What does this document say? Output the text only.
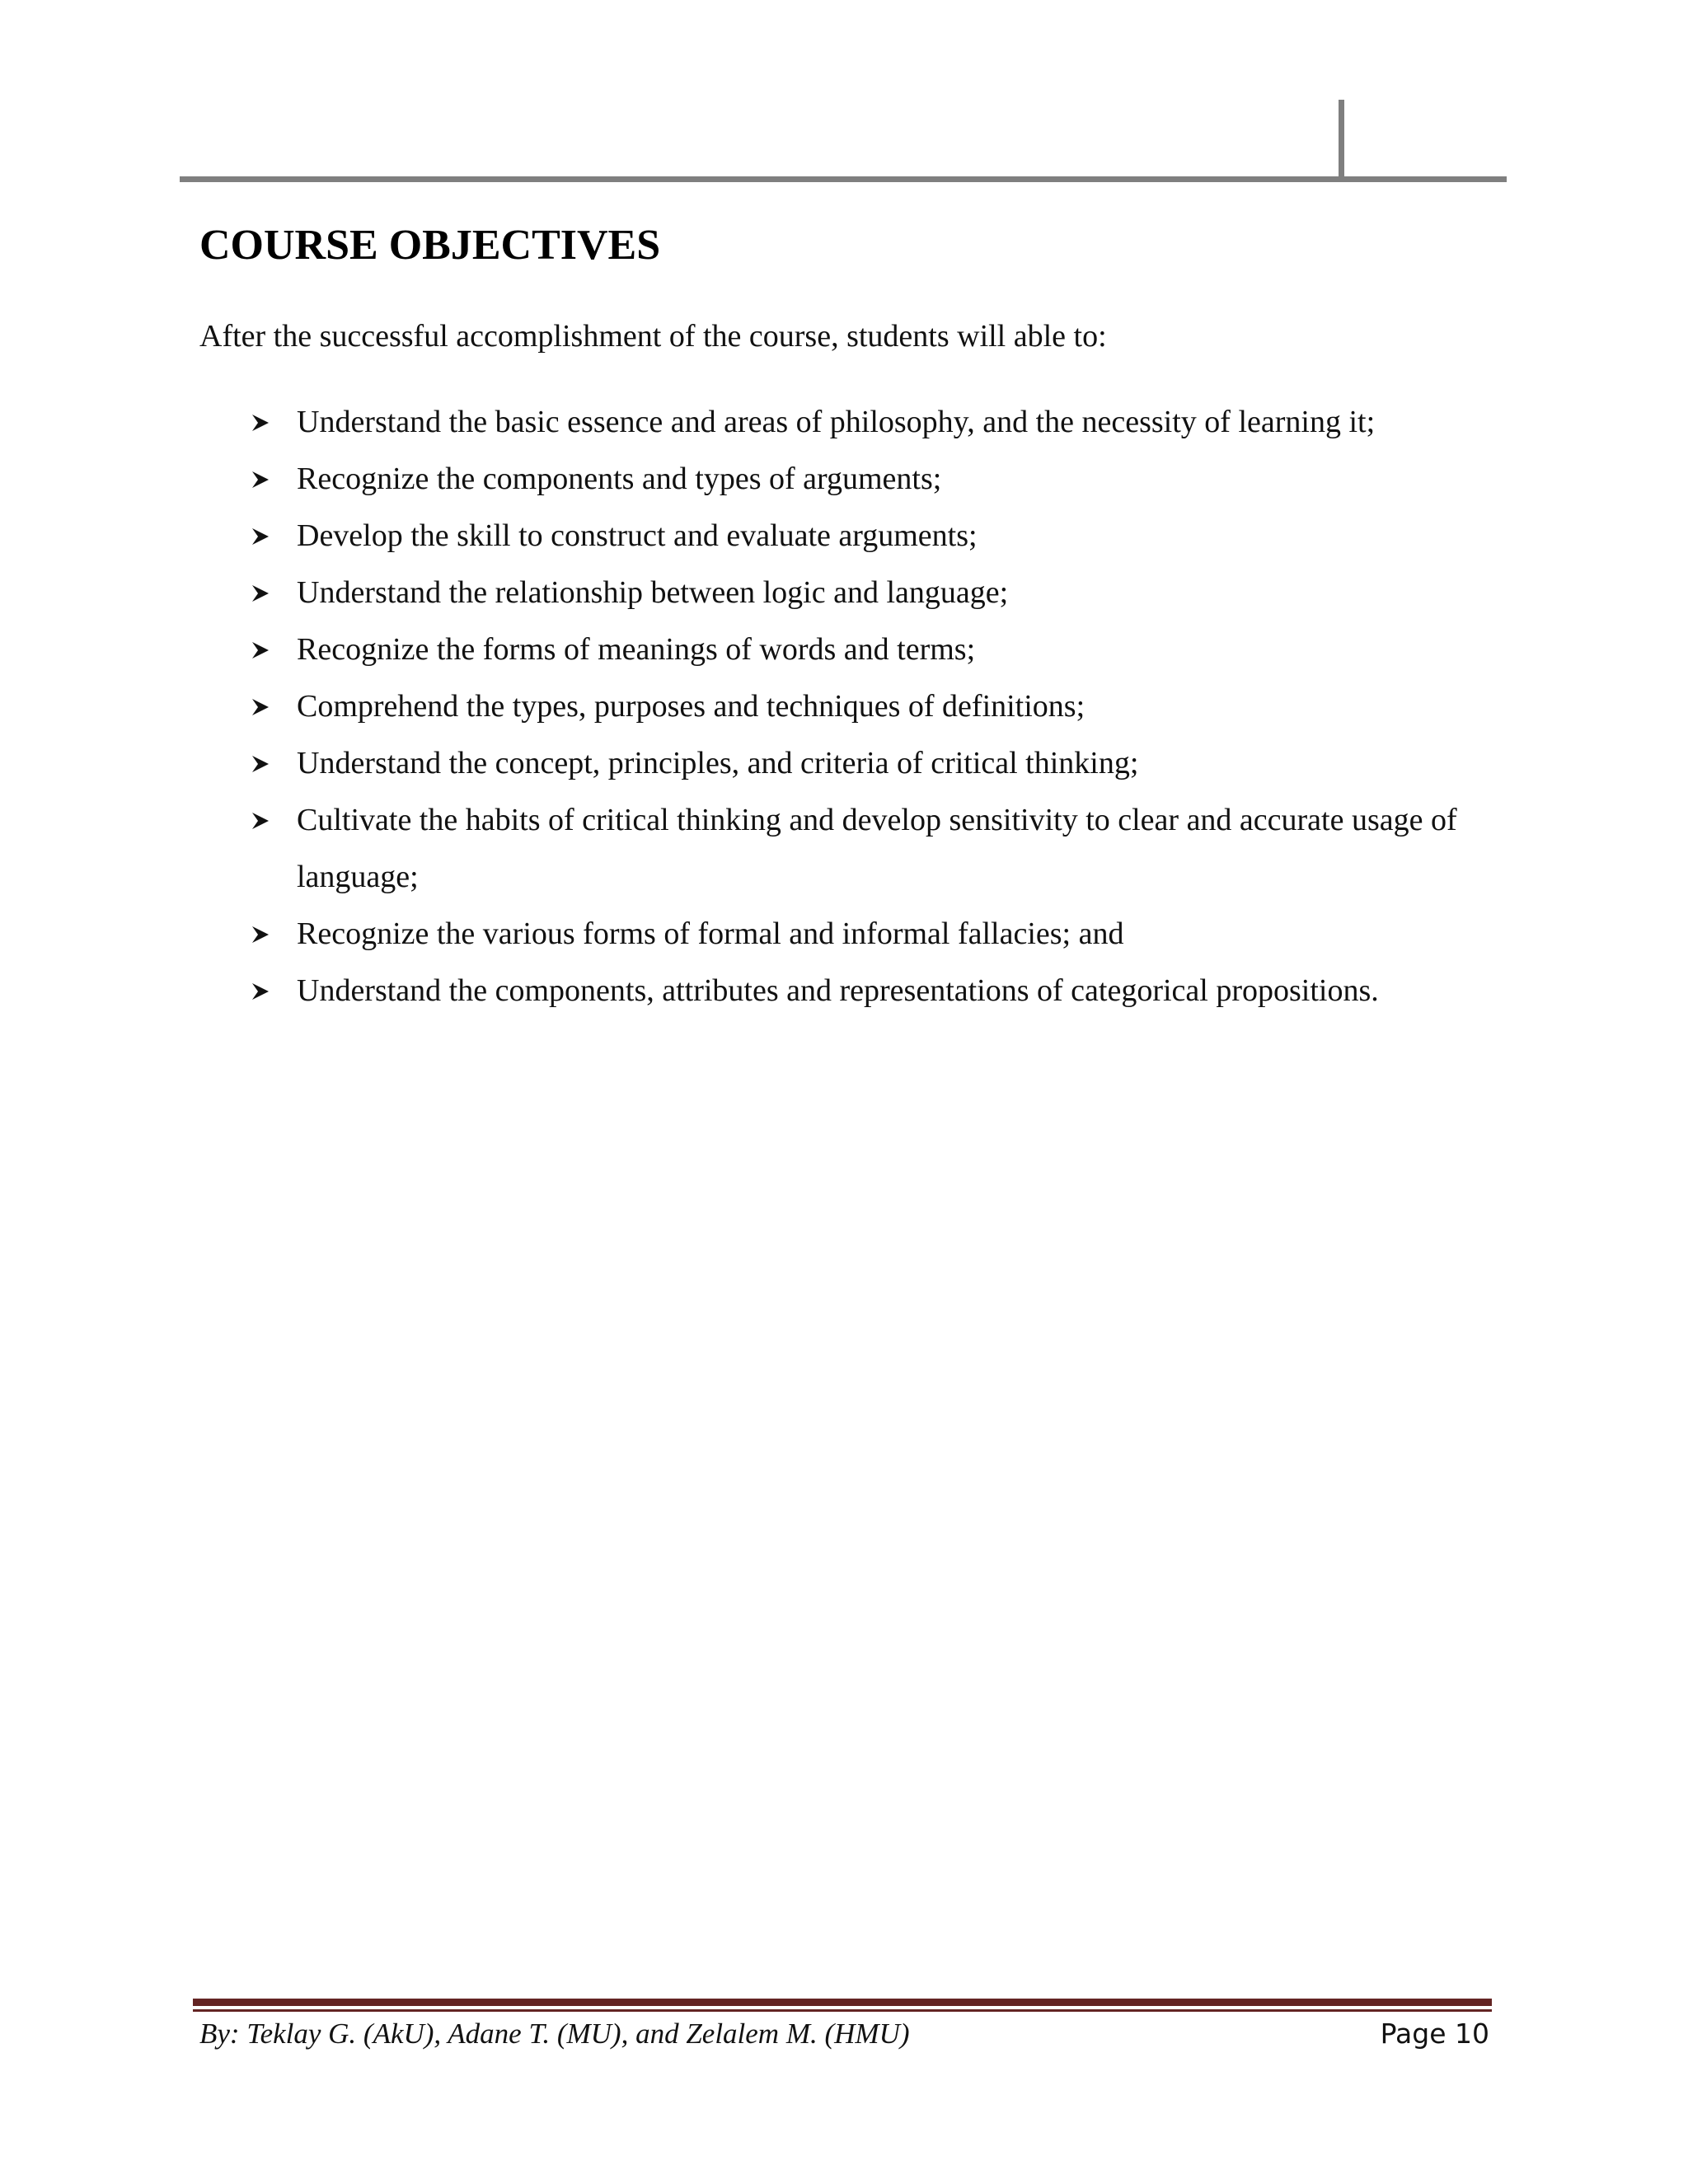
COURSE OBJECTIVES

After the successful accomplishment of the course, students will able to:

Understand the basic essence and areas of philosophy, and the necessity of learning it;
Recognize the components and types of arguments;
Develop the skill to construct and evaluate arguments;
Understand the relationship between logic and language;
Recognize the forms of meanings of words and terms;
Comprehend the types, purposes and techniques of definitions;
Understand the concept, principles, and criteria of critical thinking;
Cultivate the habits of critical thinking and develop sensitivity to clear and accurate usage of language;
Recognize the various forms of formal and informal fallacies; and
Understand the components, attributes and representations of categorical propositions.
By: Teklay G. (AkU), Adane T. (MU), and Zelalem M. (HMU)	Page 10
